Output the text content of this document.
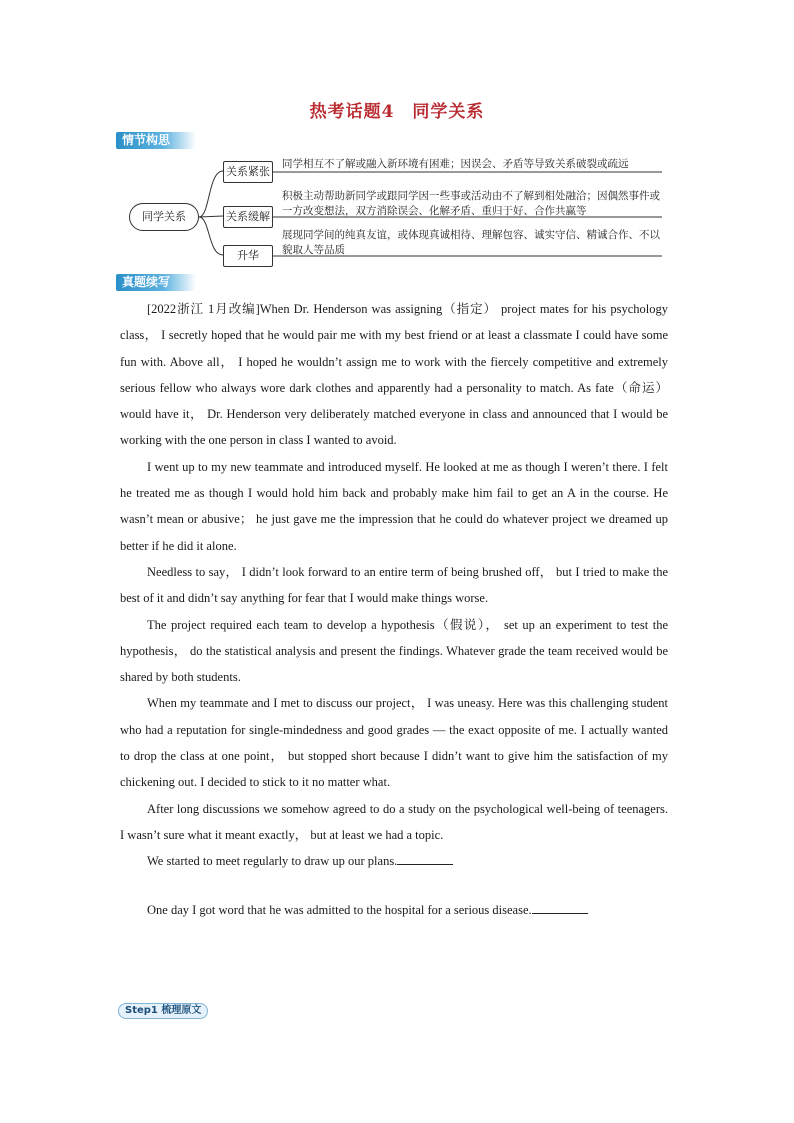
热考话题4　同学关系
情节构思
同学关系
关系紧张
关系缓解
升华
同学相互不了解或融入新环境有困难；因误会、矛盾等导致关系破裂或疏远
积极主动帮助新同学或跟同学因一些事或活动由不了解到相处融洽；因偶然事件或一方改变想法，双方消除误会、化解矛盾、重归于好、合作共赢等
展现同学间的纯真友谊，或体现真诚相待、理解包容、诚实守信、精诚合作、不以貌取人等品质
真题续写

[2022浙江 1月改编]When Dr. Henderson was assigning（指定） project mates for his psychology class， I secretly hoped that he would pair me with my best friend or at least a classmate I could have some fun with. Above all， I hoped he wouldn’t assign me to work with the fiercely competitive and extremely serious fellow who always wore dark clothes and apparently had a personality to match. As fate（命运） would have it， Dr. Henderson very deliberately matched everyone in class and announced that I would be working with the one person in class I wanted to avoid.

I went up to my new teammate and introduced myself. He looked at me as though I weren’t there. I felt he treated me as though I would hold him back and probably make him fail to get an A in the course. He wasn’t mean or abusive； he just gave me the impression that he could do whatever project we dreamed up better if he did it alone.

Needless to say， I didn’t look forward to an entire term of being brushed off， but I tried to make the best of it and didn’t say anything for fear that I would make things worse.

The project required each team to develop a hypothesis（假说）， set up an experiment to test the hypothesis， do the statistical analysis and present the findings. Whatever grade the team received would be shared by both students.

When my teammate and I met to discuss our project， I was uneasy. Here was this challenging student who had a reputation for single-mindedness and good grades — the exact opposite of me. I actually wanted to drop the class at one point， but stopped short because I didn’t want to give him the satisfaction of my chickening out. I decided to stick to it no matter what.

After long discussions we somehow agreed to do a study on the psychological well-being of teenagers. I wasn’t sure what it meant exactly， but at least we had a topic.

We started to meet regularly to draw up our plans.

One day I got word that he was admitted to the hospital for a serious disease.

Step1 梳理原文
